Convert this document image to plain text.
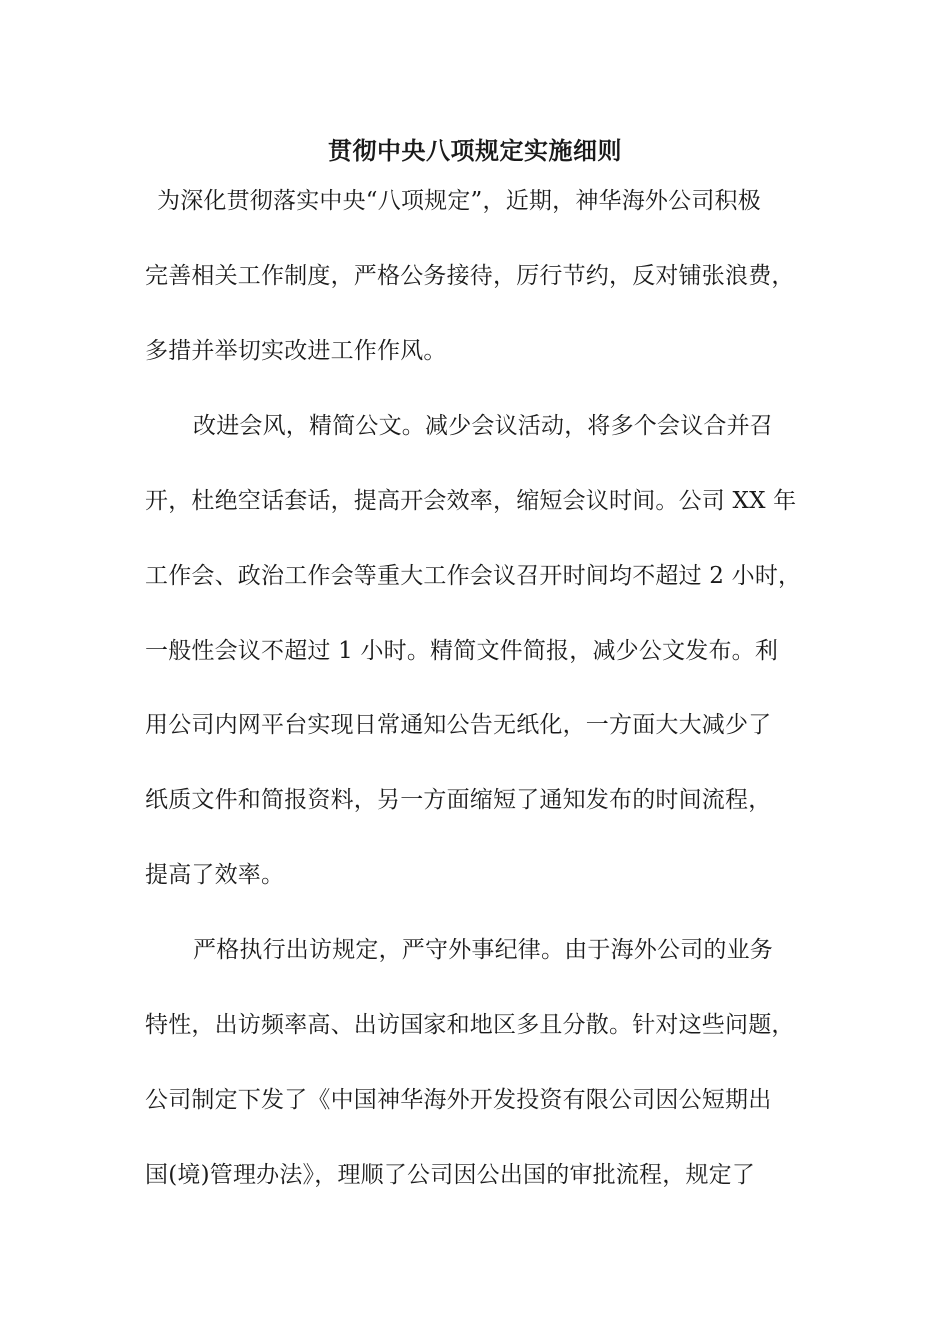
贯彻中央八项规定实施细则
为深化贯彻落实中央“八项规定”，近期，神华海外公司积极
完善相关工作制度，严格公务接待，厉行节约，反对铺张浪费，
多措并举切实改进工作作风。
改进会风，精简公文。减少会议活动，将多个会议合并召
开，杜绝空话套话，提高开会效率，缩短会议时间。公司 XX 年
工作会、政治工作会等重大工作会议召开时间均不超过 2 小时，
一般性会议不超过 1 小时。精简文件简报，减少公文发布。利
用公司内网平台实现日常通知公告无纸化，一方面大大减少了
纸质文件和简报资料，另一方面缩短了通知发布的时间流程，
提高了效率。
严格执行出访规定，严守外事纪律。由于海外公司的业务
特性，出访频率高、出访国家和地区多且分散。针对这些问题，
公司制定下发了《中国神华海外开发投资有限公司因公短期出
国(境)管理办法》，理顺了公司因公出国的审批流程，规定了
